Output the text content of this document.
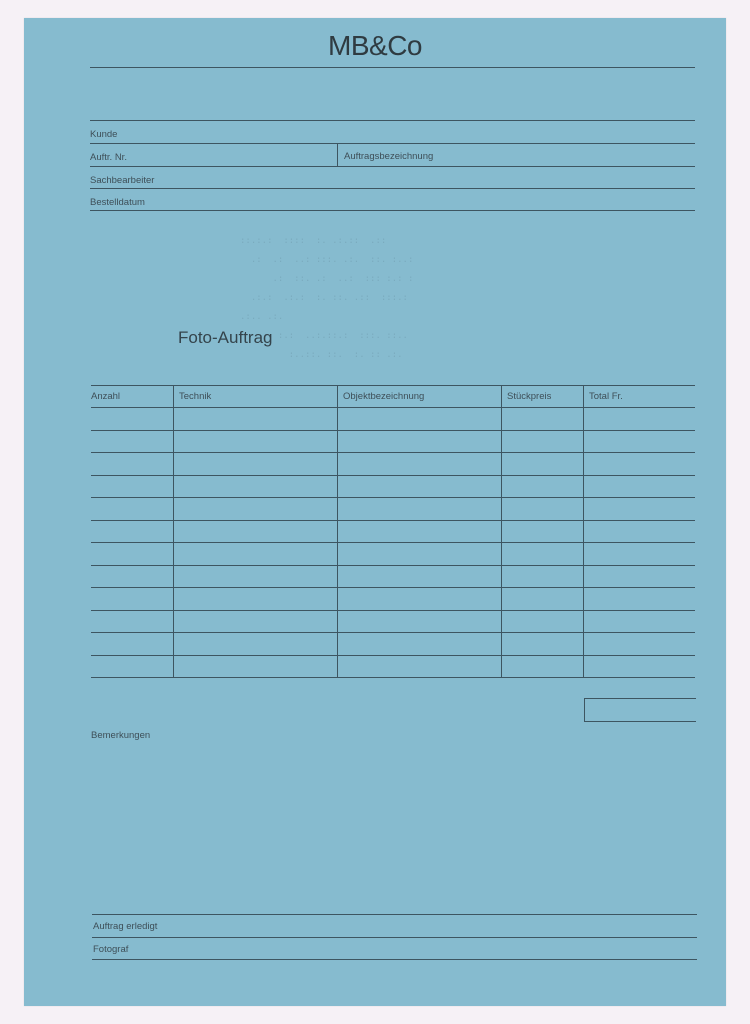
MB&Co
Kunde
Auftr. Nr.	Auftragsbezeichnung
Sachbearbeiter
Bestelldatum
Foto-Auftrag
Anzahl	Technik	Objektbezeichnung	Stückpreis	Total Fr.
Bemerkungen
Auftrag erledigt
Fotograf
